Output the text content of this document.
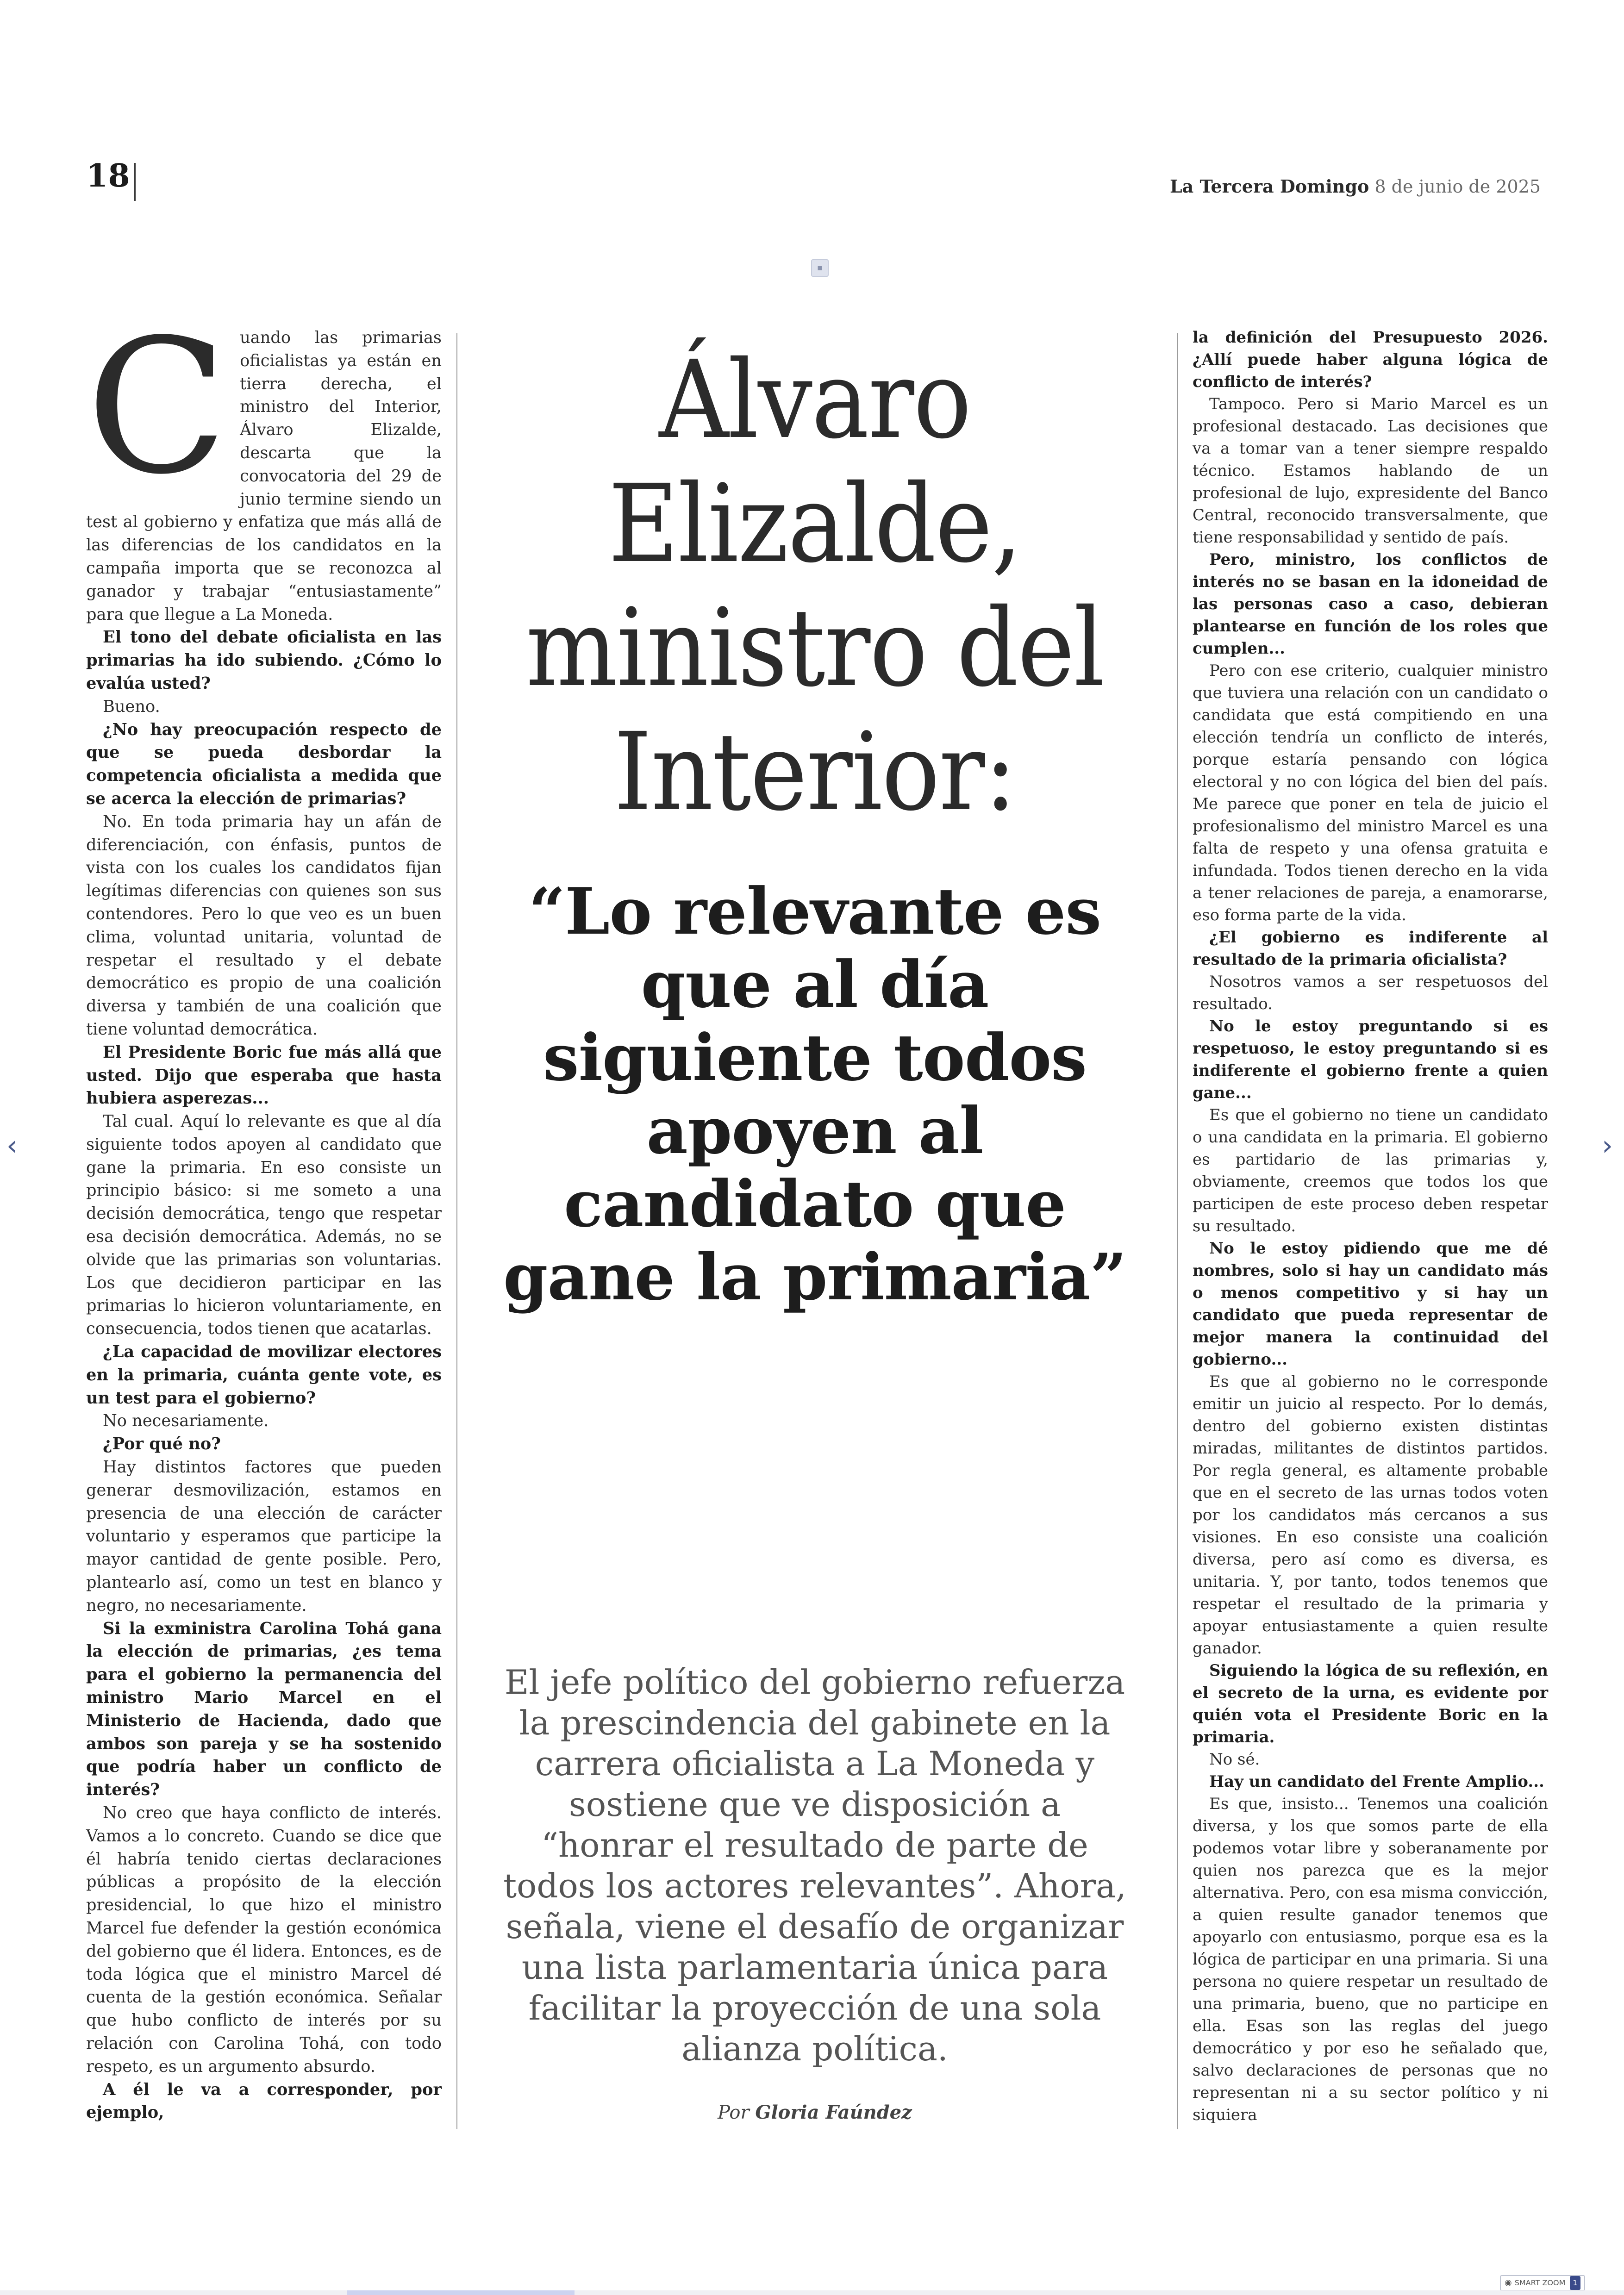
18	La Tercera Domingo 8 de junio de 2025
▪

Cuando las primarias oficialistas ya están en tierra derecha, el ministro del Interior, Álvaro Elizalde, descarta que la convocatoria del 29 de junio termine siendo un test al gobierno y enfatiza que más allá de las diferencias de los candidatos en la campaña importa que se reconozca al ganador y trabajar “entusiastamente” para que llegue a La Moneda.

El tono del debate oficialista en las primarias ha ido subiendo. ¿Cómo lo evalúa usted?

Bueno.

¿No hay preocupación respecto de que se pueda desbordar la competencia oficialista a medida que se acerca la elección de primarias?

No. En toda primaria hay un afán de diferenciación, con énfasis, puntos de vista con los cuales los candidatos fijan legítimas diferencias con quienes son sus contendores. Pero lo que veo es un buen clima, voluntad unitaria, voluntad de respetar el resultado y el debate democrático es propio de una coalición diversa y también de una coalición que tiene voluntad democrática.

El Presidente Boric fue más allá que usted. Dijo que esperaba que hasta hubiera asperezas...

Tal cual. Aquí lo relevante es que al día siguiente todos apoyen al candidato que gane la primaria. En eso consiste un principio básico: si me someto a una decisión democrática, tengo que respetar esa decisión democrática. Además, no se olvide que las primarias son voluntarias. Los que decidieron participar en las primarias lo hicieron voluntariamente, en consecuencia, todos tienen que acatarlas.

¿La capacidad de movilizar electores en la primaria, cuánta gente vote, es un test para el gobierno?

No necesariamente.

¿Por qué no?

Hay distintos factores que pueden generar desmovilización, estamos en presencia de una elección de carácter voluntario y esperamos que participe la mayor cantidad de gente posible. Pero, plantearlo así, como un test en blanco y negro, no necesariamente.

Si la exministra Carolina Tohá gana la elección de primarias, ¿es tema para el gobierno la permanencia del ministro Mario Marcel en el Ministerio de Hacienda, dado que ambos son pareja y se ha sostenido que podría haber un conflicto de interés?

No creo que haya conflicto de interés. Vamos a lo concreto. Cuando se dice que él habría tenido ciertas declaraciones públicas a propósito de la elección presidencial, lo que hizo el ministro Marcel fue defender la gestión económica del gobierno que él lidera. Entonces, es de toda lógica que el ministro Marcel dé cuenta de la gestión económica. Señalar que hubo conflicto de interés por su relación con Carolina Tohá, con todo respeto, es un argumento absurdo.

A él le va a corresponder, por ejemplo,

Álvaro Elizalde, ministro del Interior:
“Lo relevante es que al día siguiente todos apoyen al candidato que gane la primaria”
El jefe político del gobierno refuerza la prescindencia del gabinete en la carrera oficialista a La Moneda y sostiene que ve disposición a “honrar el resultado de parte de todos los actores relevantes”. Ahora, señala, viene el desafío de organizar una lista parlamentaria única para facilitar la proyección de una sola alianza política.
Por Gloria Faúndez

la definición del Presupuesto 2026. ¿Allí puede haber alguna lógica de conflicto de interés?

Tampoco. Pero si Mario Marcel es un profesional destacado. Las decisiones que va a tomar van a tener siempre respaldo técnico. Estamos hablando de un profesional de lujo, expresidente del Banco Central, reconocido transversalmente, que tiene responsabilidad y sentido de país.

Pero, ministro, los conflictos de interés no se basan en la idoneidad de las personas caso a caso, debieran plantearse en función de los roles que cumplen...

Pero con ese criterio, cualquier ministro que tuviera una relación con un candidato o candidata que está compitiendo en una elección tendría un conflicto de interés, porque estaría pensando con lógica electoral y no con lógica del bien del país. Me parece que poner en tela de juicio el profesionalismo del ministro Marcel es una falta de respeto y una ofensa gratuita e infundada. Todos tienen derecho en la vida a tener relaciones de pareja, a enamorarse, eso forma parte de la vida.

¿El gobierno es indiferente al resultado de la primaria oficialista?

Nosotros vamos a ser respetuosos del resultado.

No le estoy preguntando si es respetuoso, le estoy preguntando si es indiferente el gobierno frente a quien gane...

Es que el gobierno no tiene un candidato o una candidata en la primaria. El gobierno es partidario de las primarias y, obviamente, creemos que todos los que participen de este proceso deben respetar su resultado.

No le estoy pidiendo que me dé nombres, solo si hay un candidato más o menos competitivo y si hay un candidato que pueda representar de mejor manera la continuidad del gobierno...

Es que al gobierno no le corresponde emitir un juicio al respecto. Por lo demás, dentro del gobierno existen distintas miradas, militantes de distintos partidos. Por regla general, es altamente probable que en el secreto de las urnas todos voten por los candidatos más cercanos a sus visiones. En eso consiste una coalición diversa, pero así como es diversa, es unitaria. Y, por tanto, todos tenemos que respetar el resultado de la primaria y apoyar entusiastamente a quien resulte ganador.

Siguiendo la lógica de su reflexión, en el secreto de la urna, es evidente por quién vota el Presidente Boric en la primaria.

No sé.

Hay un candidato del Frente Amplio...

Es que, insisto... Tenemos una coalición diversa, y los que somos parte de ella podemos votar libre y soberanamente por quien nos parezca que es la mejor alternativa. Pero, con esa misma convicción, a quien resulte ganador tenemos que apoyarlo con entusiasmo, porque esa es la lógica de participar en una primaria. Si una persona no quiere respetar un resultado de una primaria, bueno, que no participe en ella. Esas son las reglas del juego democrático y por eso he señalado que, salvo declaraciones de personas que no representan ni a su sector político y ni siquiera

‹	›
◉ SMART ZOOM 1
